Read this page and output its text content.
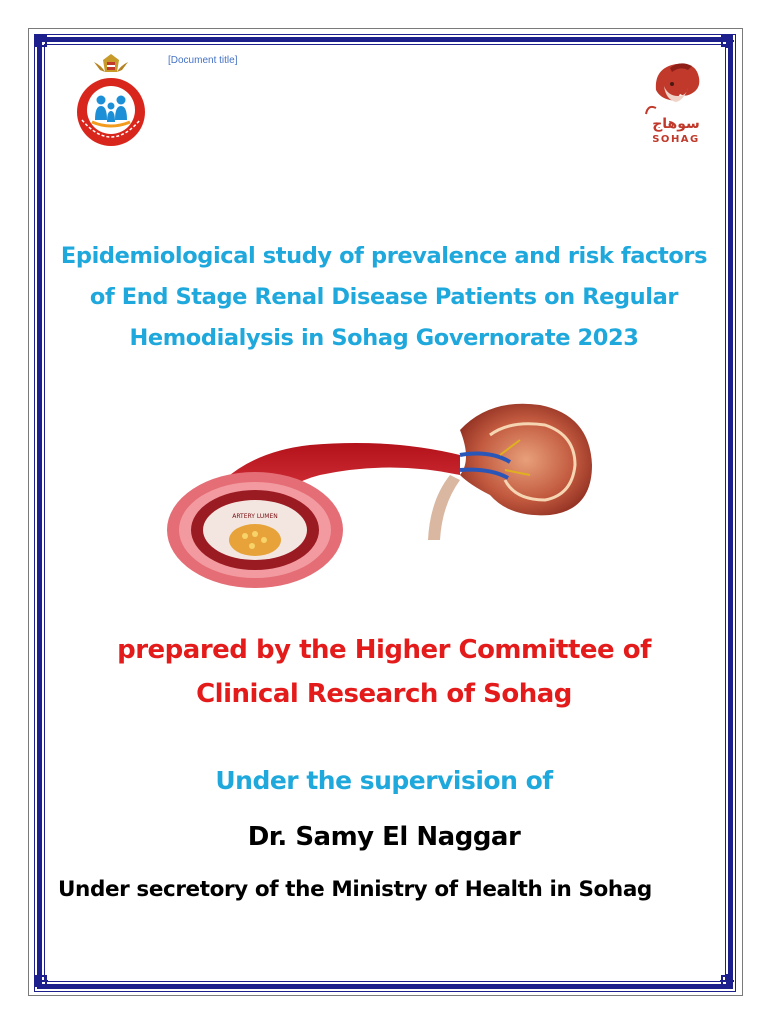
[Document title]
سوهاج
SOHAG
Epidemiological study of prevalence and risk factors
of End Stage Renal Disease Patients on Regular
Hemodialysis in Sohag Governorate 2023
ARTERY LUMEN
prepared by the Higher Committee of
Clinical Research of Sohag
Under the supervision of
Dr. Samy El Naggar
Under secretory of the Ministry of Health in Sohag
